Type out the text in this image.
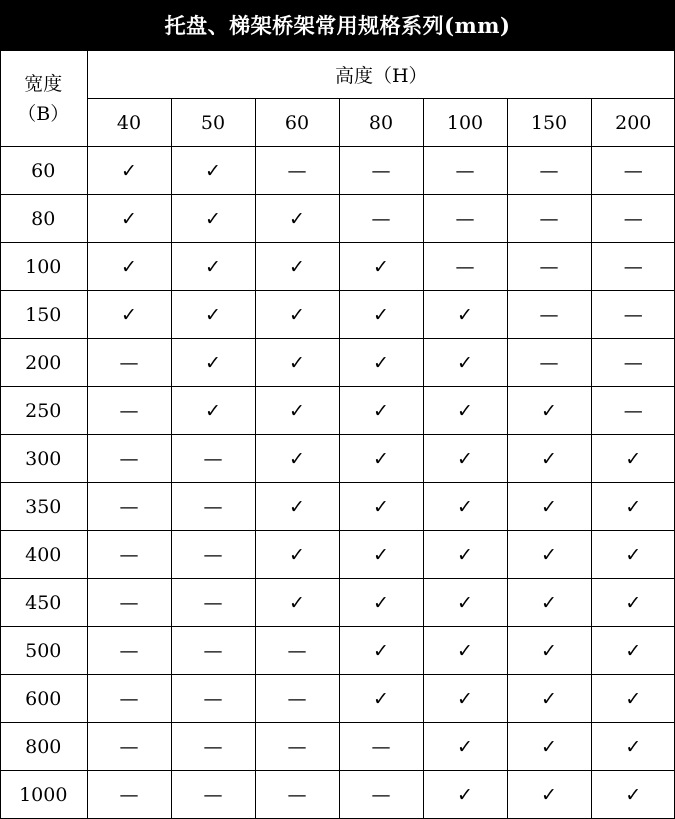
托盘、梯架桥架常用规格系列(mm)
宽度
（B）	高度（H）						
	40	50	60	80	100	150	200
60	✓	✓	—	—	—	—	—
80	✓	✓	✓	—	—	—	—
100	✓	✓	✓	✓	—	—	—
150	✓	✓	✓	✓	✓	—	—
200	—	✓	✓	✓	✓	—	—
250	—	✓	✓	✓	✓	✓	—
300	—	—	✓	✓	✓	✓	✓
350	—	—	✓	✓	✓	✓	✓
400	—	—	✓	✓	✓	✓	✓
450	—	—	✓	✓	✓	✓	✓
500	—	—	—	✓	✓	✓	✓
600	—	—	—	✓	✓	✓	✓
800	—	—	—	—	✓	✓	✓
1000	—	—	—	—	✓	✓	✓
